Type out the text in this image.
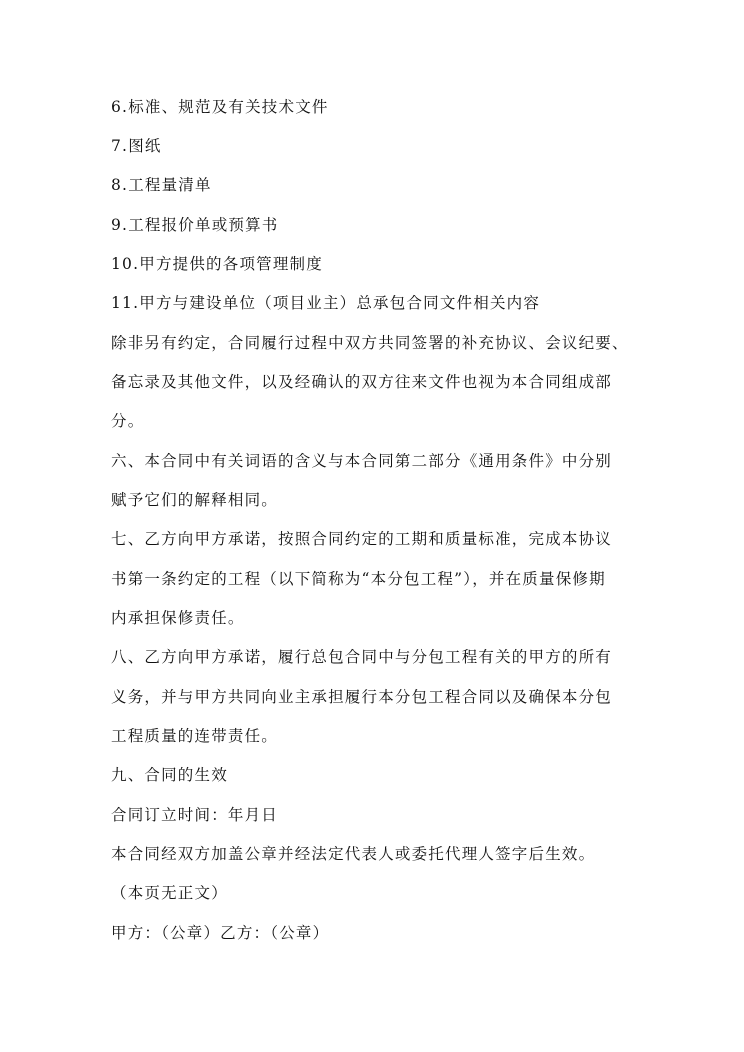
6.标准、规范及有关技术文件
7.图纸
8.工程量清单
9.工程报价单或预算书
10.甲方提供的各项管理制度
11.甲方与建设单位（项目业主）总承包合同文件相关内容
除非另有约定，合同履行过程中双方共同签署的补充协议、会议纪要、
备忘录及其他文件，以及经确认的双方往来文件也视为本合同组成部
分。
六、本合同中有关词语的含义与本合同第二部分《通用条件》中分别
赋予它们的解释相同。
七、乙方向甲方承诺，按照合同约定的工期和质量标准，完成本协议
书第一条约定的工程（以下简称为“本分包工程”），并在质量保修期
内承担保修责任。
八、乙方向甲方承诺，履行总包合同中与分包工程有关的甲方的所有
义务，并与甲方共同向业主承担履行本分包工程合同以及确保本分包
工程质量的连带责任。
九、合同的生效
合同订立时间：年月日
本合同经双方加盖公章并经法定代表人或委托代理人签字后生效。
（本页无正文）
甲方：（公章）乙方：（公章）
